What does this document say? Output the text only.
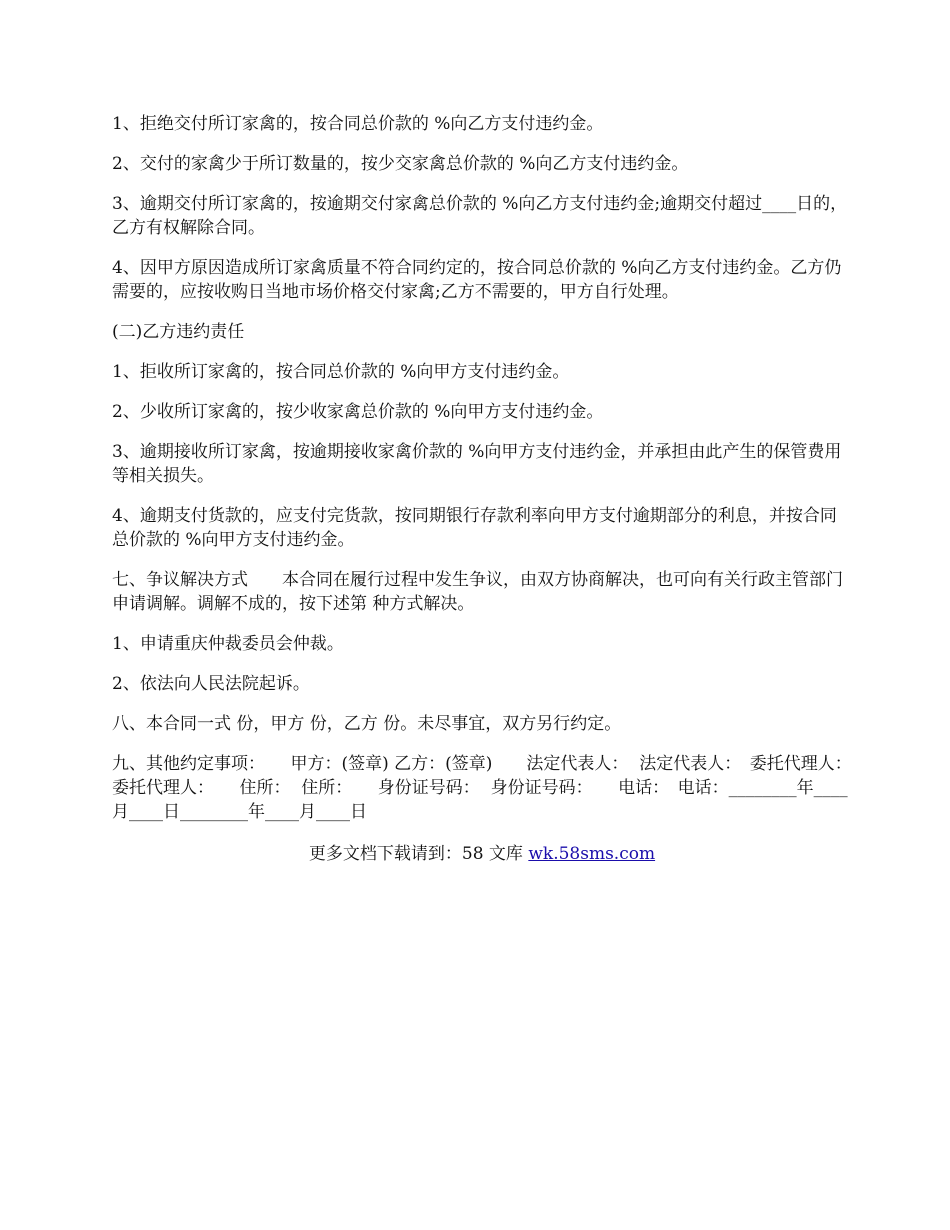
1、拒绝交付所订家禽的，按合同总价款的 %向乙方支付违约金。

2、交付的家禽少于所订数量的，按少交家禽总价款的 %向乙方支付违约金。

3、逾期交付所订家禽的，按逾期交付家禽总价款的 %向乙方支付违约金;逾期交付超过____日的，乙方有权解除合同。

4、因甲方原因造成所订家禽质量不符合同约定的，按合同总价款的 %向乙方支付违约金。乙方仍需要的，应按收购日当地市场价格交付家禽;乙方不需要的，甲方自行处理。

(二)乙方违约责任

1、拒收所订家禽的，按合同总价款的 %向甲方支付违约金。

2、少收所订家禽的，按少收家禽总价款的 %向甲方支付违约金。

3、逾期接收所订家禽，按逾期接收家禽价款的 %向甲方支付违约金，并承担由此产生的保管费用等相关损失。

4、逾期支付货款的，应支付完货款，按同期银行存款利率向甲方支付逾期部分的利息，并按合同总价款的 %向甲方支付违约金。

七、争议解决方式　　本合同在履行过程中发生争议，由双方协商解决，也可向有关行政主管部门申请调解。调解不成的，按下述第 种方式解决。

1、申请重庆仲裁委员会仲裁。

2、依法向人民法院起诉。

八、本合同一式 份，甲方 份，乙方 份。未尽事宜，双方另行约定。

九、其他约定事项：　　甲方：(签章) 乙方：(签章)　　法定代表人：  法定代表人：　委托代理人：  委托代理人：　　住所：  住所：　　身份证号码：  身份证号码：　　电话：　电话：________年____月____日________年____月____日

更多文档下载请到：58 文库 wk.58sms.com
